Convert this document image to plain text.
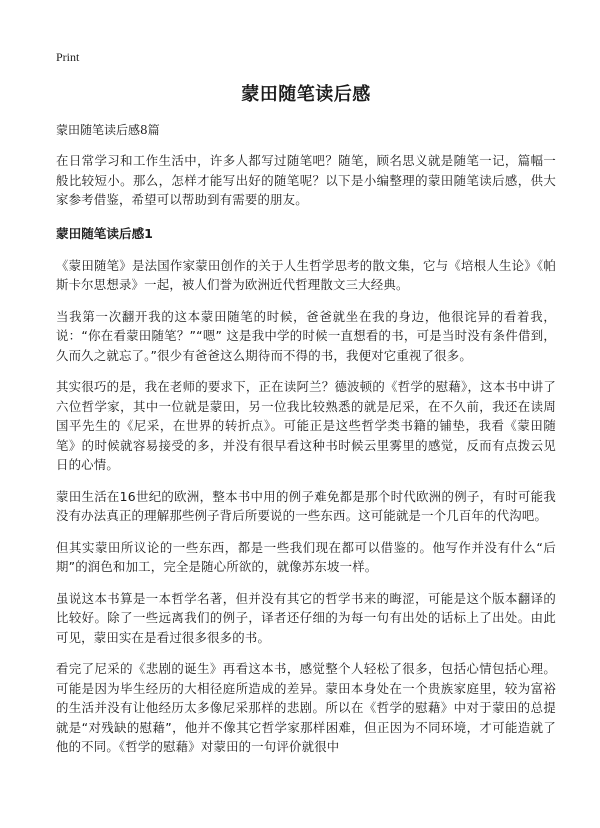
Print
蒙田随笔读后感

蒙田随笔读后感8篇

在日常学习和工作生活中，许多人都写过随笔吧？随笔，顾名思义就是随笔一记，篇幅一般比较短小。那么，怎样才能写出好的随笔呢？以下是小编整理的蒙田随笔读后感，供大家参考借鉴，希望可以帮助到有需要的朋友。

蒙田随笔读后感1

《蒙田随笔》是法国作家蒙田创作的关于人生哲学思考的散文集，它与《培根人生论》《帕斯卡尔思想录》一起，被人们誉为欧洲近代哲理散文三大经典。

当我第一次翻开我的这本蒙田随笔的时候，爸爸就坐在我的身边，他很诧异的看着我，说：“你在看蒙田随笔？”“嗯” 这是我中学的时候一直想看的书，可是当时没有条件借到，久而久之就忘了。”很少有爸爸这么期待而不得的书，我便对它重视了很多。

其实很巧的是，我在老师的要求下，正在读阿兰？德波顿的《哲学的慰藉》，这本书中讲了六位哲学家，其中一位就是蒙田，另一位我比较熟悉的就是尼采，在不久前，我还在读周国平先生的《尼采，在世界的转折点》。可能正是这些哲学类书籍的铺垫，我看《蒙田随笔》的时候就容易接受的多，并没有很早看这种书时候云里雾里的感觉，反而有点拨云见日的心情。

蒙田生活在16世纪的欧洲，整本书中用的例子难免都是那个时代欧洲的例子，有时可能我没有办法真正的理解那些例子背后所要说的一些东西。这可能就是一个几百年的代沟吧。

但其实蒙田所议论的一些东西，都是一些我们现在都可以借鉴的。他写作并没有什么“后期”的润色和加工，完全是随心所欲的，就像苏东坡一样。

虽说这本书算是一本哲学名著，但并没有其它的哲学书来的晦涩，可能是这个版本翻译的比较好。除了一些远离我们的例子，译者还仔细的为每一句有出处的话标上了出处。由此可见，蒙田实在是看过很多很多的书。

看完了尼采的《悲剧的诞生》再看这本书，感觉整个人轻松了很多，包括心情包括心理。可能是因为毕生经历的大相径庭所造成的差异。蒙田本身处在一个贵族家庭里，较为富裕的生活并没有让他经历太多像尼采那样的悲剧。所以在《哲学的慰藉》中对于蒙田的总提就是“对残缺的慰藉”，他并不像其它哲学家那样困难，但正因为不同环境，才可能造就了他的不同。《哲学的慰藉》对蒙田的一句评价就很中
